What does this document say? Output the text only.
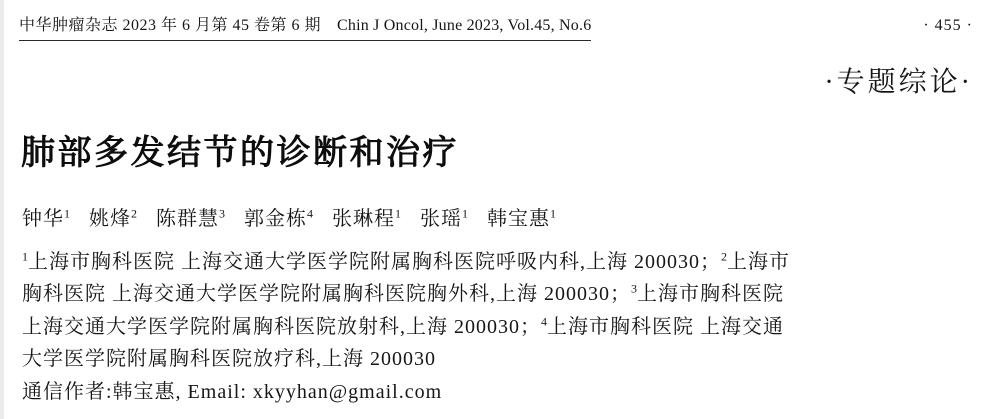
中华肿瘤杂志 2023 年 6 月第 45 卷第 6 期 Chin J Oncol, June 2023, Vol.45, No.6	· 455 ·
·专题综论·
肺部多发结节的诊断和治疗
钟华$^1$ 姚烽$^2$ 陈群慧$^3$ 郭金栋$^4$ 张琳程$^1$ 张瑶$^1$ 韩宝惠$^1$
$^1$上海市胸科医院 上海交通大学医学院附属胸科医院呼吸内科,上海 200030；$^2$上海市
胸科医院 上海交通大学医学院附属胸科医院胸外科,上海 200030；$^3$上海市胸科医院
上海交通大学医学院附属胸科医院放射科,上海 200030；$^4$上海市胸科医院 上海交通
大学医学院附属胸科医院放疗科,上海 200030
通信作者:韩宝惠, Email: xkyyhan@gmail.com
